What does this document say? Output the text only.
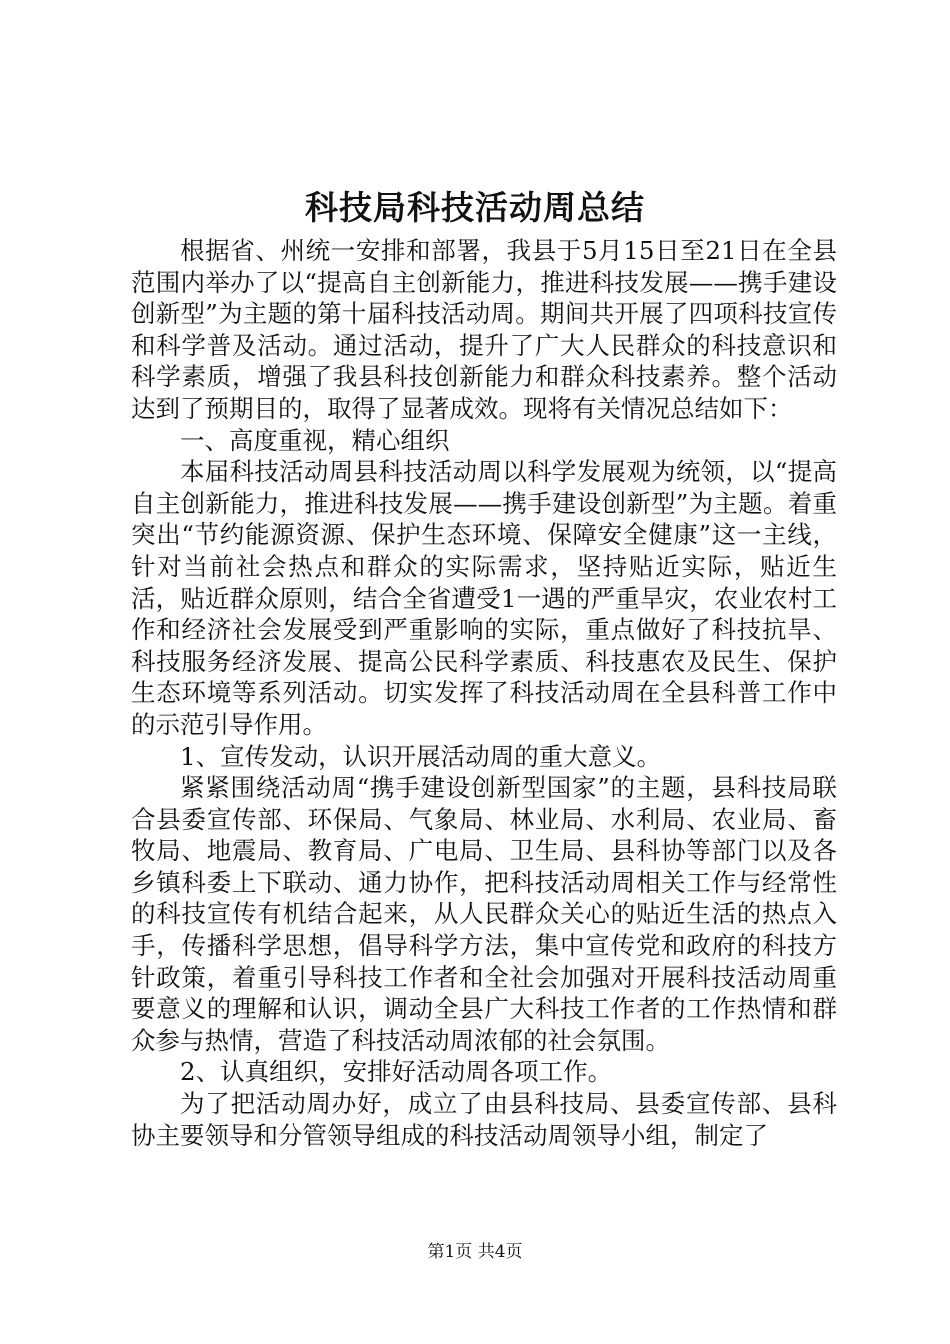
科技局科技活动周总结

根据省、州统一安排和部署，我县于5月15日至21日在全县范围内举办了以“提高自主创新能力，推进科技发展——携手建设创新型”为主题的第十届科技活动周。期间共开展了四项科技宣传和科学普及活动。通过活动，提升了广大人民群众的科技意识和科学素质，增强了我县科技创新能力和群众科技素养。整个活动达到了预期目的，取得了显著成效。现将有关情况总结如下：

一、高度重视，精心组织

本届科技活动周县科技活动周以科学发展观为统领，以“提高自主创新能力，推进科技发展——携手建设创新型”为主题。着重突出“节约能源资源、保护生态环境、保障安全健康”这一主线，针对当前社会热点和群众的实际需求，坚持贴近实际，贴近生活，贴近群众原则，结合全省遭受1一遇的严重旱灾，农业农村工作和经济社会发展受到严重影响的实际，重点做好了科技抗旱、科技服务经济发展、提高公民科学素质、科技惠农及民生、保护生态环境等系列活动。切实发挥了科技活动周在全县科普工作中的示范引导作用。

1、宣传发动，认识开展活动周的重大意义。

紧紧围绕活动周“携手建设创新型国家”的主题，县科技局联合县委宣传部、环保局、气象局、林业局、水利局、农业局、畜牧局、地震局、教育局、广电局、卫生局、县科协等部门以及各乡镇科委上下联动、通力协作，把科技活动周相关工作与经常性的科技宣传有机结合起来，从人民群众关心的贴近生活的热点入手，传播科学思想，倡导科学方法，集中宣传党和政府的科技方针政策，着重引导科技工作者和全社会加强对开展科技活动周重要意义的理解和认识，调动全县广大科技工作者的工作热情和群众参与热情，营造了科技活动周浓郁的社会氛围。

2、认真组织，安排好活动周各项工作。

为了把活动周办好，成立了由县科技局、县委宣传部、县科协主要领导和分管领导组成的科技活动周领导小组，制定了

第1页 共4页
